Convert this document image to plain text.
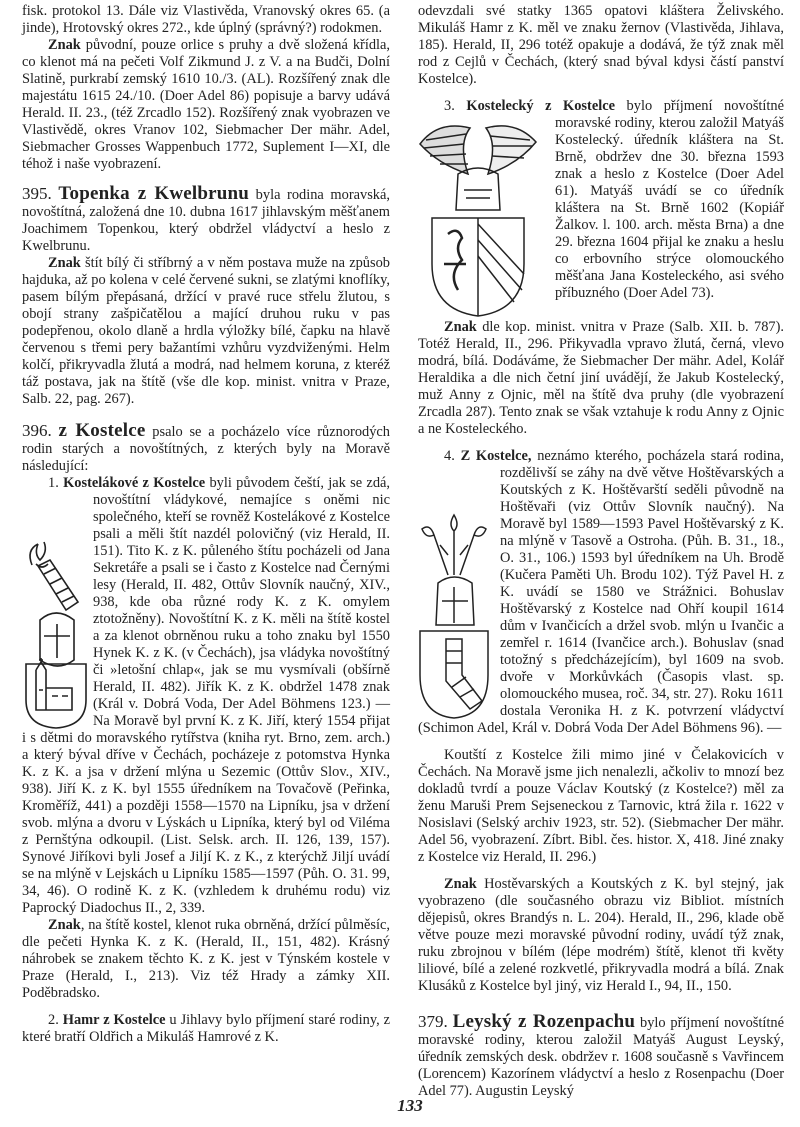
fisk. protokol 13. Dále viz Vlastivěda, Vranovský okres 65. (a jinde), Hrotovský okres 272., kde úplný (správný?) rodokmen.

Znak původní, pouze orlice s pruhy a dvě složená křídla, co klenot má na pečeti Volf Zikmund J. z V. a na Budči, Dolní Slatině, purkrabí zemský 1610 10./3. (AL). Rozšířený znak dle majestátu 1615 24./10. (Doer Adel 86) popisuje a barvy udává Herald. II. 23., (též Zrcadlo 152). Rozšířený znak vyobrazen ve Vlastivědě, okres Vranov 102, Siebmacher Der mähr. Adel, Siebmacher Grosses Wappenbuch 1772, Suplement I—XI, dle téhož i naše vyobrazení.

395. Topenka z Kwelbrunu byla rodina moravská, novoštítná, založená dne 10. dubna 1617 jihlavským měšťanem Joachimem Topenkou, který obdržel vládyctví a heslo z Kwelbrunu.

Znak štít bílý či stříbrný a v něm postava muže na způsob hajduka, až po kolena v celé červené sukni, se zlatými knoflíky, pasem bílým přepásaná, držící v pravé ruce střelu žlutou, s obojí strany zašpičatělou a mající druhou ruku v pas podepřenou, okolo dlaně a hrdla výložky bílé, čapku na hlavě červenou s třemi pery bažantími vzhůru vyzdviženými. Helm kolčí, přikryvadla žlutá a modrá, nad helmem koruna, z kteréž táž postava, jak na štítě (vše dle kop. minist. vnitra v Praze, Salb. 22, pag. 267).

396. z Kostelce psalo se a pocházelo více různorodých rodin starých a novoštítných, z kterých byly na Moravě následující:

1. Kostelákové z Kostelce byli původem čeští, jak se zdá, novoštítní vládykové, nemajíce s oněmi nic společného, kteří se rovněž Kostelákové z Kostelce psali a měli štít nazdél polovičný (viz Herald, II. 151). Tito K. z K. půleného štítu pocházeli od Jana Sekretáře a psali se i často z Kostelce nad Černými lesy (Herald, II. 482, Ottův Slovník naučný, XIV., 938, kde oba různé rody K. z K. omylem ztotožněny). Novoštítní K. z K. měli na štítě kostel a za klenot obrněnou ruku a toho znaku byl 1550 Hynek K. z K. (v Čechách), jsa vládyka novoštítný či »letošní chlap«, jak se mu vysmívali (obšírně Herald, II. 482). Jiřík K. z K. obdržel 1478 znak (Král v. Dobrá Voda, Der Adel Böhmens 123.) — Na Moravě byl první K. z K. Jiří, který 1554 přijat i s dětmi do moravského rytířstva (kniha ryt. Brno, zem. arch.) a který býval dříve v Čechách, pocházeje z potomstva Hynka K. z K. a jsa v držení mlýna u Sezemic (Ottův Slov., XIV., 938). Jiří K. z K. byl 1555 úředníkem na Tovačově (Peřinka, Kroměříž, 441) a později 1558—1570 na Lipníku, jsa v držení svob. mlýna a dvoru v Lýskách u Lipníka, který byl od Viléma z Pernštýna odkoupil. (List. Selsk. arch. II. 126, 139, 157). Synové Jiříkovi byli Josef a Jiljí K. z K., z kterýchž Jiljí uvádí se na mlýně v Lejskách u Lipníku 1585—1597 (Půh. O. 31. 99, 34, 46). O rodině K. z K. (vzhledem k druhému rodu) viz Paprocký Diadochus II., 2, 339.

Znak, na štítě kostel, klenot ruka obrněná, držící půlměsíc, dle pečeti Hynka K. z K. (Herald, II., 151, 482). Krásný náhrobek se znakem těchto K. z K. jest v Týnském kostele v Praze (Herald, I., 213). Viz též Hrady a zámky XII. Poděbradsko.

2. Hamr z Kostelce u Jihlavy bylo příjmení staré rodiny, z které bratří Oldřich a Mikuláš Hamrové z K.

odevzdali své statky 1365 opatovi kláštera Želivského. Mikuláš Hamr z K. měl ve znaku žernov (Vlastivěda, Jihlava, 185). Herald, II, 296 totéž opakuje a dodává, že týž znak měl rod z Cejlů v Čechách, (který snad býval kdysi částí panství Kostelce).

3. Kostelecký z Kostelce bylo příjmení novoštítné moravské rodiny, kterou založil Matyáš Kostelecký. úředník kláštera na St. Brně, obdržev dne 30. března 1593 znak a heslo z Kostelce (Doer Adel 61). Matyáš uvádí se co úředník kláštera na St. Brně 1602 (Kopiář Žalkov. l. 100. arch. města Brna) a dne 29. března 1604 přijal ke znaku a heslu co erbovního strýce olomouckého měšťana Jana Kosteleckého, asi svého příbuzného (Doer Adel 73).

Znak dle kop. minist. vnitra v Praze (Salb. XII. b. 787). Totéž Herald, II., 296. Přikyvadla vpravo žlutá, černá, vlevo modrá, bílá. Dodáváme, že Siebmacher Der mähr. Adel, Kolář Heraldika a dle nich četní jiní uvádějí, že Jakub Kostelecký, muž Anny z Ojnic, měl na štítě dva pruhy (dle vyobrazení Zrcadla 287). Tento znak se však vztahuje k rodu Anny z Ojnic a ne Kosteleckého.

4. Z Kostelce, neznámo kterého, pocházela stará rodina, rozdělivší se záhy na dvě větve Hoštěvarských a Koutských z K. Hoštěvarští seděli původně na Hoštěvaři (viz Ottův Slovník naučný). Na Moravě byl 1589—1593 Pavel Hoštěvarský z K. na mlýně v Tasově a Ostroha. (Půh. B. 31., 18., O. 31., 106.) 1593 byl úředníkem na Uh. Brodě (Kučera Paměti Uh. Brodu 102). Týž Pavel H. z K. uvádí se 1580 ve Strážnici. Bohuslav Hoštěvarský z Kostelce nad Ohří koupil 1614 dům v Ivančicích a držel svob. mlýn u Ivančic a zemřel r. 1614 (Ivančice arch.). Bohuslav (snad totožný s předcházejícím), byl 1609 na svob. dvoře v Morkůvkách (Časopis vlast. sp. olomouckého musea, roč. 34, str. 27). Roku 1611 dostala Veronika H. z K. potvrzení vládyctví (Schimon Adel, Král v. Dobrá Voda Der Adel Böhmens 96). —

Koutští z Kostelce žili mimo jiné v Čelakovicích v Čechách. Na Moravě jsme jich nenalezli, ačkoliv to mnozí bez dokladů tvrdí a pouze Václav Koutský (z Kostelce?) měl za ženu Maruši Prem Sejseneckou z Tarnovic, ktrá žila r. 1622 v Nosislavi (Selský archiv 1923, str. 52). (Siebmacher Der mähr. Adel 56, vyobrazení. Zíbrt. Bibl. čes. histor. X, 418. Jiné znaky z Kostelce viz Herald, II. 296.)

Znak Hostěvarských a Koutských z K. byl stejný, jak vyobrazeno (dle současného obrazu viz Bibliot. místních dějepisů, okres Brandýs n. L. 204). Herald, II., 296, klade obě větve pouze mezi moravské původní rodiny, uvádí týž znak, ruku zbrojnou v bílém (lépe modrém) štítě, klenot tři květy liliové, bílé a zelené rozkvetlé, přikryvadla modrá a bílá. Znak Klusáků z Kostelce byl jiný, viz Herald I., 94, II., 150.

379. Leyský z Rozenpachu bylo příjmení novoštítné moravské rodiny, kterou založil Matyáš August Leyský, úředník zemských desk. obdržev r. 1608 současně s Vavřincem (Lorencem) Kazorínem vládyctví a heslo z Rosenpachu (Doer Adel 77). Augustin Leyský

133
